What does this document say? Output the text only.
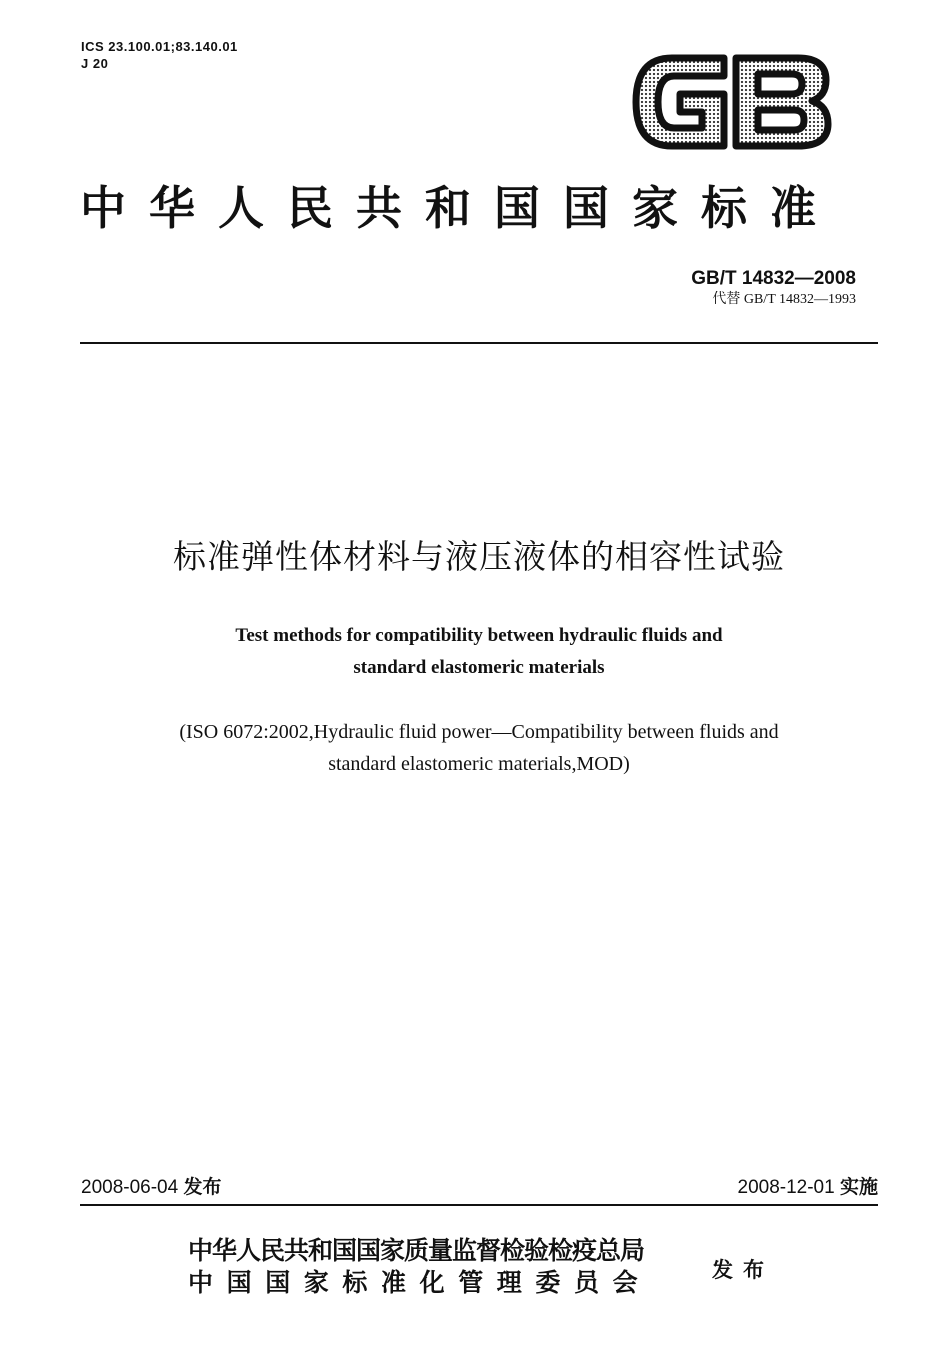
ICS 23.100.01;83.140.01
J 20
中华人民共和国国家标准
GB/T 14832—2008
代替 GB/T 14832—1993
标准弹性体材料与液压液体的相容性试验
Test methods for compatibility between hydraulic fluids and
standard elastomeric materials
(ISO 6072:2002,Hydraulic fluid power—Compatibility between fluids and
standard elastomeric materials,MOD)
2008-06-04 发布	2008-12-01 实施
中华人民共和国国家质量监督检验检疫总局
中国国家标准化管理委员会	发布
